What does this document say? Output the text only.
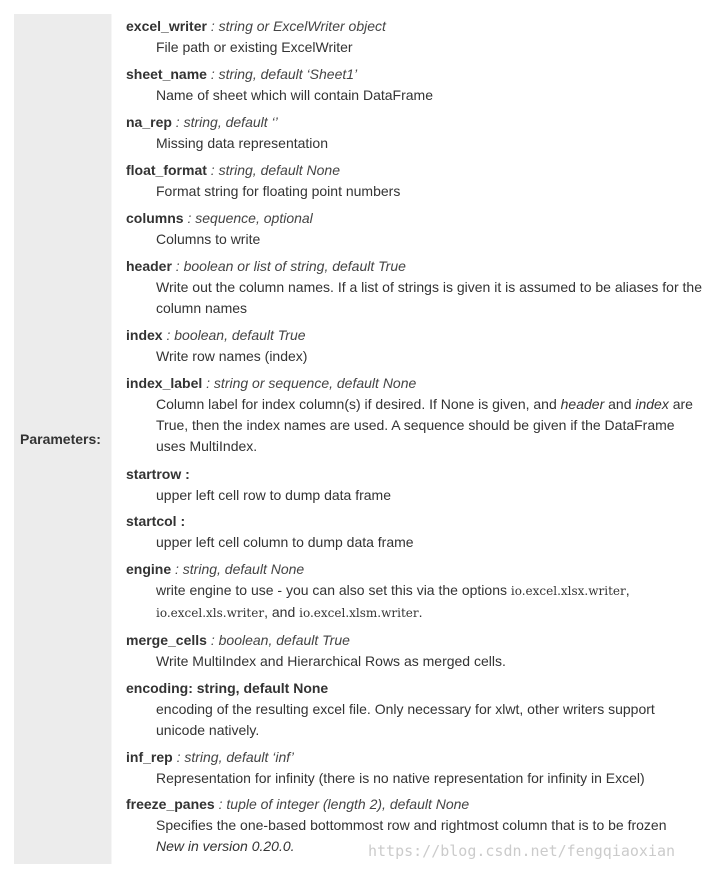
Parameters:
excel_writer : string or ExcelWriter object
File path or existing ExcelWriter
sheet_name : string, default ‘Sheet1’
Name of sheet which will contain DataFrame
na_rep : string, default ‘’
Missing data representation
float_format : string, default None
Format string for floating point numbers
columns : sequence, optional
Columns to write
header : boolean or list of string, default True
Write out the column names. If a list of strings is given it is assumed to be aliases for the column names
index : boolean, default True
Write row names (index)
index_label : string or sequence, default None
Column label for index column(s) if desired. If None is given, and header and index are True, then the index names are used. A sequence should be given if the DataFrame uses MultiIndex.
startrow :
upper left cell row to dump data frame
startcol :
upper left cell column to dump data frame
engine : string, default None
write engine to use - you can also set this via the options io.excel.xlsx.writer, io.excel.xls.writer, and io.excel.xlsm.writer.
merge_cells : boolean, default True
Write MultiIndex and Hierarchical Rows as merged cells.
encoding: string, default None
encoding of the resulting excel file. Only necessary for xlwt, other writers support unicode natively.
inf_rep : string, default ‘inf’
Representation for infinity (there is no native representation for infinity in Excel)
freeze_panes : tuple of integer (length 2), default None
Specifies the one-based bottommost row and rightmost column that is to be frozen
New in version 0.20.0.	https://blog.csdn.net/fengqiaoxian
